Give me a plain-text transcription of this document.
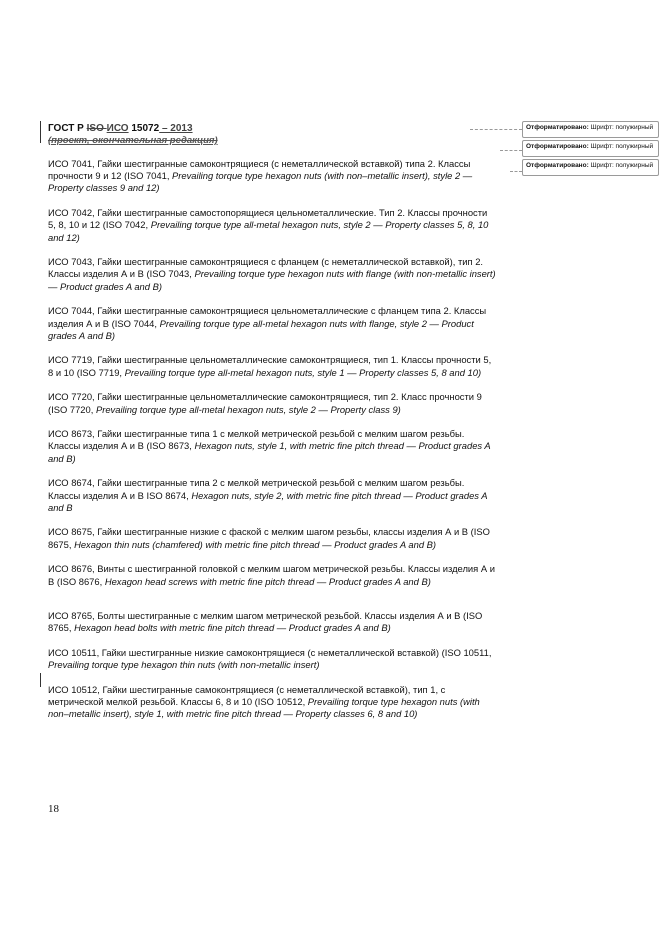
ГОСТ Р ISO ИСО 15072 – 2013
(проект, окончательная редакция)
Отформатировано: Шрифт: полужирный
Отформатировано: Шрифт: полужирный
Отформатировано: Шрифт: полужирный

ИСО 7041, Гайки шестигранные самоконтрящиеся (с неметаллической вставкой) типа 2. Классы прочности 9 и 12 (ISO 7041, Prevailing torque type hexagon nuts (with non–metallic insert), style 2 — Property classes 9 and 12)

ИСО 7042, Гайки шестигранные самостопорящиеся цельнометаллические. Тип 2. Классы прочности 5, 8, 10 и 12 (ISO 7042, Prevailing torque type all-metal hexagon nuts, style 2 — Property classes 5, 8, 10 and 12)

ИСО 7043, Гайки шестигранные самоконтрящиеся с фланцем (с неметаллической вставкой), тип 2. Классы изделия А и В (ISO 7043, Prevailing torque type hexagon nuts with flange (with non-metallic insert) — Product grades A and B)

ИСО 7044, Гайки шестигранные самоконтрящиеся цельнометаллические с фланцем типа 2. Классы изделия А и В (ISO 7044, Prevailing torque type all-metal hexagon nuts with flange, style 2 — Product grades A and B)

ИСО 7719, Гайки шестигранные цельнометаллические самоконтрящиеся, тип 1. Классы прочности 5, 8 и 10 (ISO 7719, Prevailing torque type all-metal hexagon nuts, style 1 — Property classes 5, 8 and 10)

ИСО 7720, Гайки шестигранные цельнометаллические самоконтрящиеся, тип 2. Класс прочности 9 (ISO 7720, Prevailing torque type all-metal hexagon nuts, style 2 — Property class 9)

ИСО 8673, Гайки шестигранные типа 1 с мелкой метрической резьбой с мелким шагом резьбы. Классы изделия А и В (ISO 8673, Hexagon nuts, style 1, with metric fine pitch thread — Product grades A and B)

ИСО 8674, Гайки шестигранные типа 2 с мелкой метрической резьбой с мелким шагом резьбы. Классы изделия А и В ISO 8674, Hexagon nuts, style 2, with metric fine pitch thread — Product grades A and B

ИСО 8675, Гайки шестигранные низкие с фаской с мелким шагом резьбы, классы изделия А и В (ISO 8675, Hexagon thin nuts (chamfered) with metric fine pitch thread — Product grades A and B)

ИСО 8676, Винты с шестигранной головкой с мелким шагом метрической резьбы. Классы изделия А и В (ISO 8676, Hexagon head screws with metric fine pitch thread — Product grades A and B)

ИСО 8765, Болты шестигранные с мелким шагом метрической резьбой. Классы изделия А и В (ISO 8765, Hexagon head bolts with metric fine pitch thread — Product grades A and B)

ИСО 10511, Гайки шестигранные низкие самоконтрящиеся (с неметаллической вставкой) (ISO 10511, Prevailing torque type hexagon thin nuts (with non-metallic insert)

ИСО 10512, Гайки шестигранные самоконтрящиеся (с неметаллической вставкой), тип 1, с метрической мелкой резьбой. Классы 6, 8 и 10 (ISO 10512, Prevailing torque type hexagon nuts (with non–metallic insert), style 1, with metric fine pitch thread — Property classes 6, 8 and 10)

18
